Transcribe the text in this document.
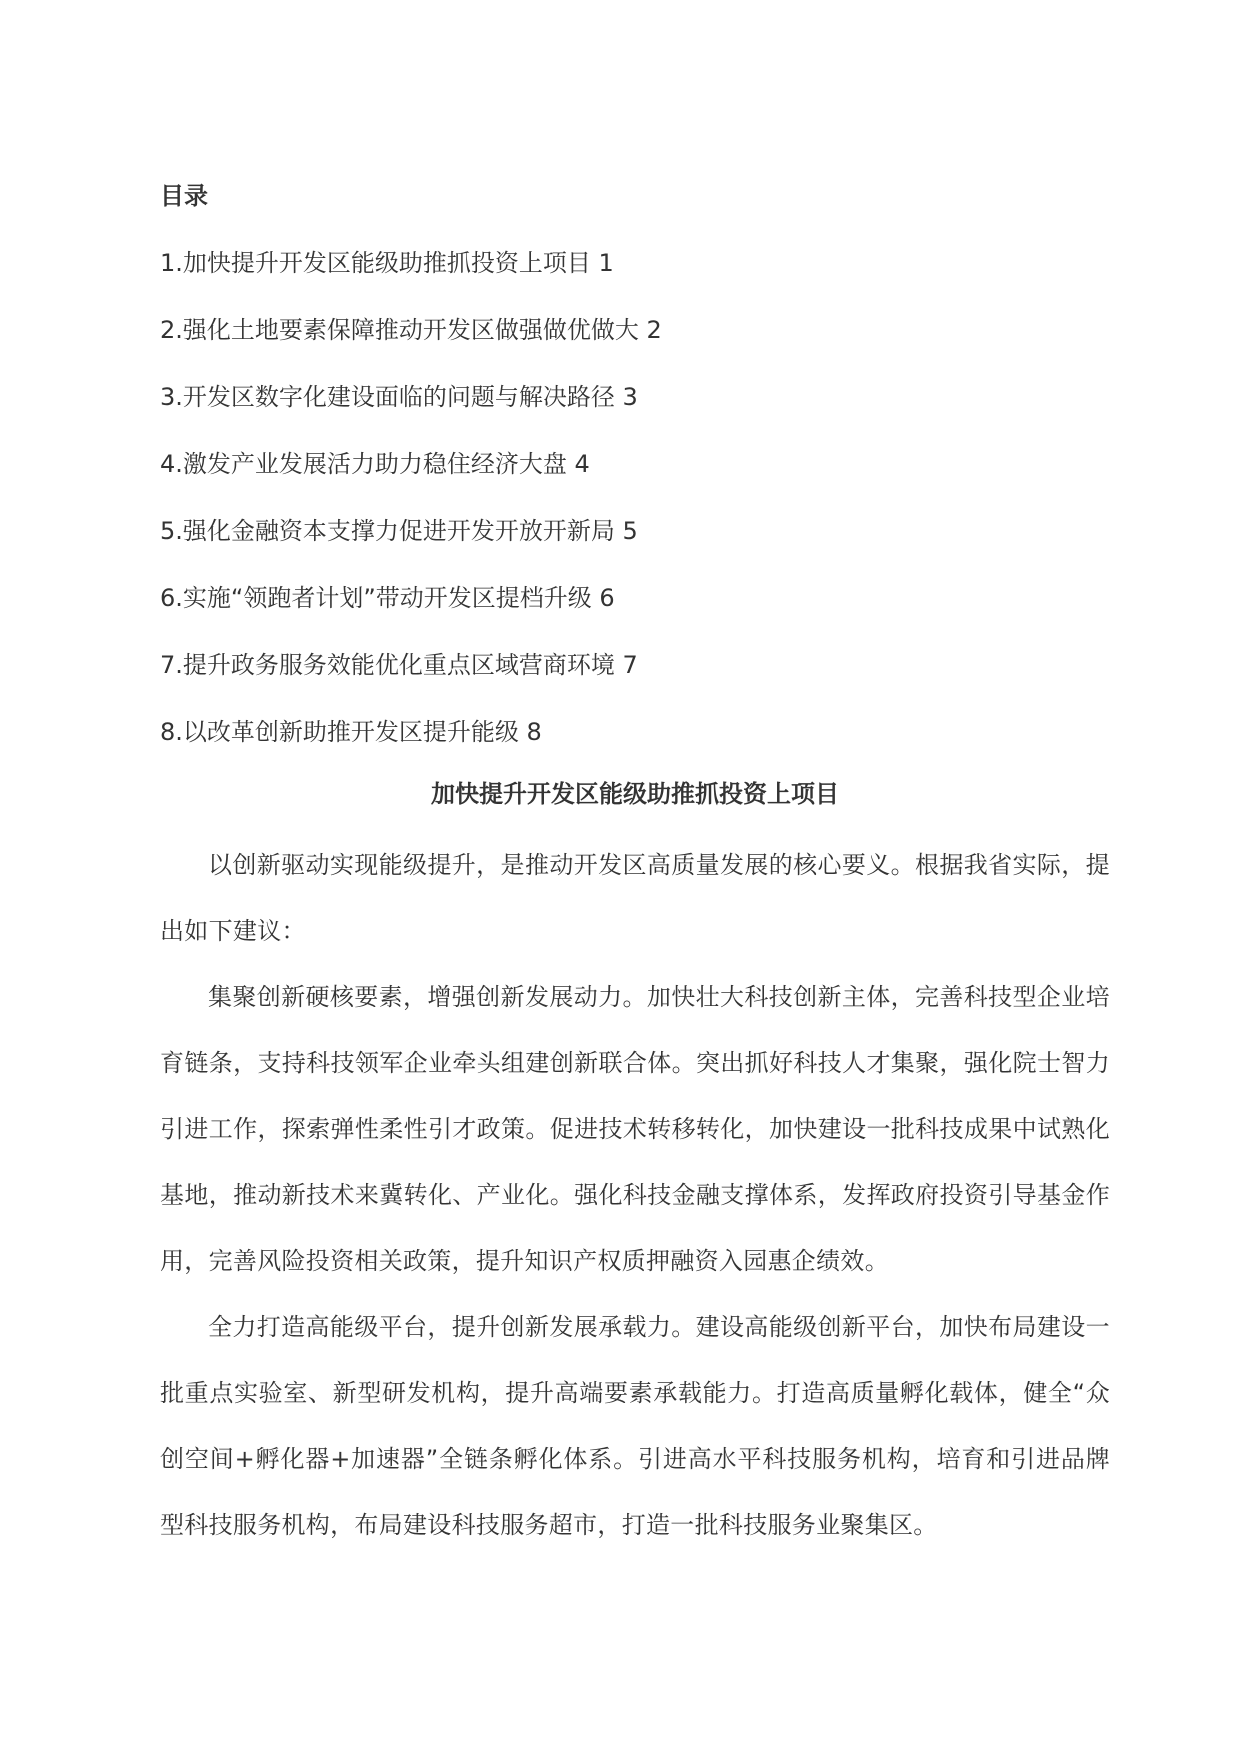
目录
1.加快提升开发区能级助推抓投资上项目 1
2.强化土地要素保障推动开发区做强做优做大 2
3.开发区数字化建设面临的问题与解决路径 3
4.激发产业发展活力助力稳住经济大盘 4
5.强化金融资本支撑力促进开发开放开新局 5
6.实施“领跑者计划”带动开发区提档升级 6
7.提升政务服务效能优化重点区域营商环境 7
8.以改革创新助推开发区提升能级 8
加快提升开发区能级助推抓投资上项目

以创新驱动实现能级提升，是推动开发区高质量发展的核心要义。根据我省实际，提出如下建议：

集聚创新硬核要素，增强创新发展动力。加快壮大科技创新主体，完善科技型企业培育链条，支持科技领军企业牵头组建创新联合体。突出抓好科技人才集聚，强化院士智力引进工作，探索弹性柔性引才政策。促进技术转移转化，加快建设一批科技成果中试熟化基地，推动新技术来冀转化、产业化。强化科技金融支撑体系，发挥政府投资引导基金作用，完善风险投资相关政策，提升知识产权质押融资入园惠企绩效。

全力打造高能级平台，提升创新发展承载力。建设高能级创新平台，加快布局建设一批重点实验室、新型研发机构，提升高端要素承载能力。打造高质量孵化载体，健全“众创空间+孵化器+加速器”全链条孵化体系。引进高水平科技服务机构，培育和引进品牌型科技服务机构，布局建设科技服务超市，打造一批科技服务业聚集区。
